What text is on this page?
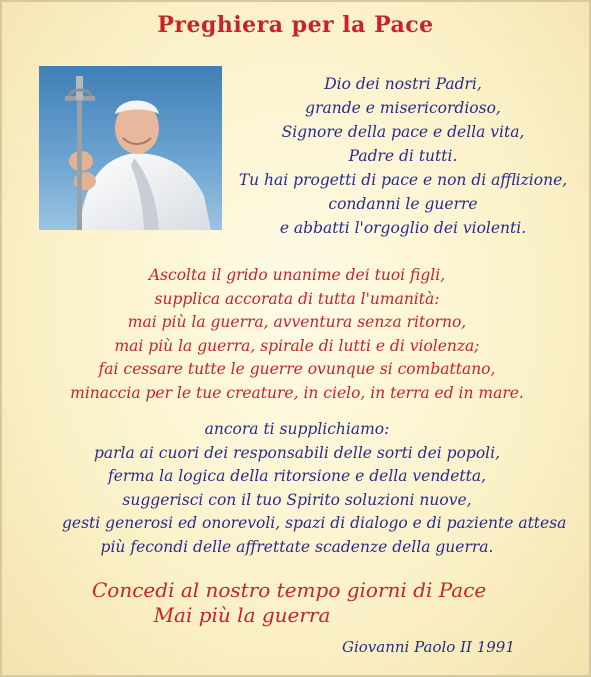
Preghiera per la Pace

Dio dei nostri Padri,
grande e misericordioso,
Signore della pace e della vita,
Padre di tutti.
Tu hai progetti di pace e non di afflizione,
condanni le guerre
e abbatti l'orgoglio dei violenti.

Ascolta il grido unanime dei tuoi figli,
supplica accorata di tutta l'umanità:
mai più la guerra, avventura senza ritorno,
mai più la guerra, spirale di lutti e di violenza;
fai cessare tutte le guerre ovunque si combattano,
minaccia per le tue creature, in cielo, in terra ed in mare.

ancora ti supplichiamo:
parla ai cuori dei responsabili delle sorti dei popoli,
ferma la logica della ritorsione e della vendetta,
suggerisci con il tuo Spirito soluzioni nuove,
gesti generosi ed onorevoli, spazi di dialogo e di paziente attesa
più fecondi delle affrettate scadenze della guerra.

Concedi al nostro tempo giorni di Pace
Mai più la guerra
Giovanni Paolo II 1991
